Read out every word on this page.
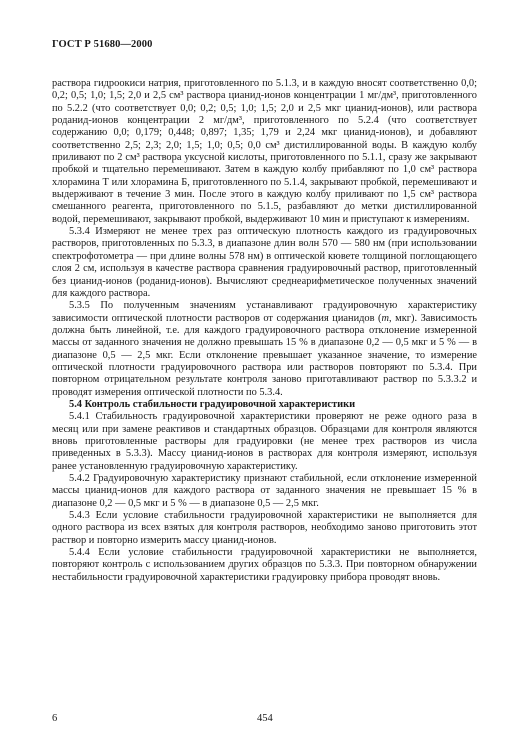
ГОСТ Р 51680—2000

раствора гидроокиси натрия, приготовленного по 5.1.3, и в каждую вносят соответственно 0,0; 0,2; 0,5; 1,0; 1,5; 2,0 и 2,5 см³ раствора цианид-ионов концентрации 1 мг/дм³, приготовленного по 5.2.2 (что соответствует 0,0; 0,2; 0,5; 1,0; 1,5; 2,0 и 2,5 мкг цианид-ионов), или раствора роданид-ионов концентрации 2 мг/дм³, приготовленного по 5.2.4 (что соответствует содержанию 0,0; 0,179; 0,448; 0,897; 1,35; 1,79 и 2,24 мкг цианид-ионов), и добавляют соответственно 2,5; 2,3; 2,0; 1,5; 1,0; 0,5; 0,0 см³ дистиллированной воды. В каждую колбу приливают по 2 см³ раствора уксусной кислоты, приготовленного по 5.1.1, сразу же закрывают пробкой и тщательно перемешивают. Затем в каждую колбу прибавляют по 1,0 см³ раствора хлорамина Т или хлорамина Б, приготовленного по 5.1.4, закрывают пробкой, перемешивают и выдерживают в течение 3 мин. После этого в каждую колбу приливают по 1,5 см³ раствора смешанного реагента, приготовленного по 5.1.5, разбавляют до метки дистиллированной водой, перемешивают, закрывают пробкой, выдерживают 10 мин и приступают к измерениям.

5.3.4 Измеряют не менее трех раз оптическую плотность каждого из градуировочных растворов, приготовленных по 5.3.3, в диапазоне длин волн 570 — 580 нм (при использовании спектрофотометра — при длине волны 578 нм) в оптической кювете толщиной поглощающего слоя 2 см, используя в качестве раствора сравнения градуировочный раствор, приготовленный без цианид-ионов (роданид-ионов). Вычисляют среднеарифметическое полученных значений для каждого раствора.

5.3.5 По полученным значениям устанавливают градуировочную характеристику зависимости оптической плотности растворов от содержания цианидов (m, мкг). Зависимость должна быть линейной, т.е. для каждого градуировочного раствора отклонение измеренной массы от заданного значения не должно превышать 15 % в диапазоне 0,2 — 0,5 мкг и 5 % — в диапазоне 0,5 — 2,5 мкг. Если отклонение превышает указанное значение, то измерение оптической плотности градуировочного раствора или растворов повторяют по 5.3.4. При повторном отрицательном результате контроля заново приготавливают раствор по 5.3.3.2 и проводят измерения оптической плотности по 5.3.4.

5.4 Контроль стабильности градуировочной характеристики

5.4.1 Стабильность градуировочной характеристики проверяют не реже одного раза в месяц или при замене реактивов и стандартных образцов. Образцами для контроля являются вновь приготовленные растворы для градуировки (не менее трех растворов из числа приведенных в 5.3.3). Массу цианид-ионов в растворах для контроля измеряют, используя ранее установленную градуировочную характеристику.

5.4.2 Градуировочную характеристику признают стабильной, если отклонение измеренной массы цианид-ионов для каждого раствора от заданного значения не превышает 15 % в диапазоне 0,2 — 0,5 мкг и 5 % — в диапазоне 0,5 — 2,5 мкг.

5.4.3 Если условие стабильности градуировочной характеристики не выполняется для одного раствора из всех взятых для контроля растворов, необходимо заново приготовить этот раствор и повторно измерить массу цианид-ионов.

5.4.4 Если условие стабильности градуировочной характеристики не выполняется, повторяют контроль с использованием других образцов по 5.3.3. При повторном обнаружении нестабильности градуировочной характеристики градуировку прибора проводят вновь.

6	454
